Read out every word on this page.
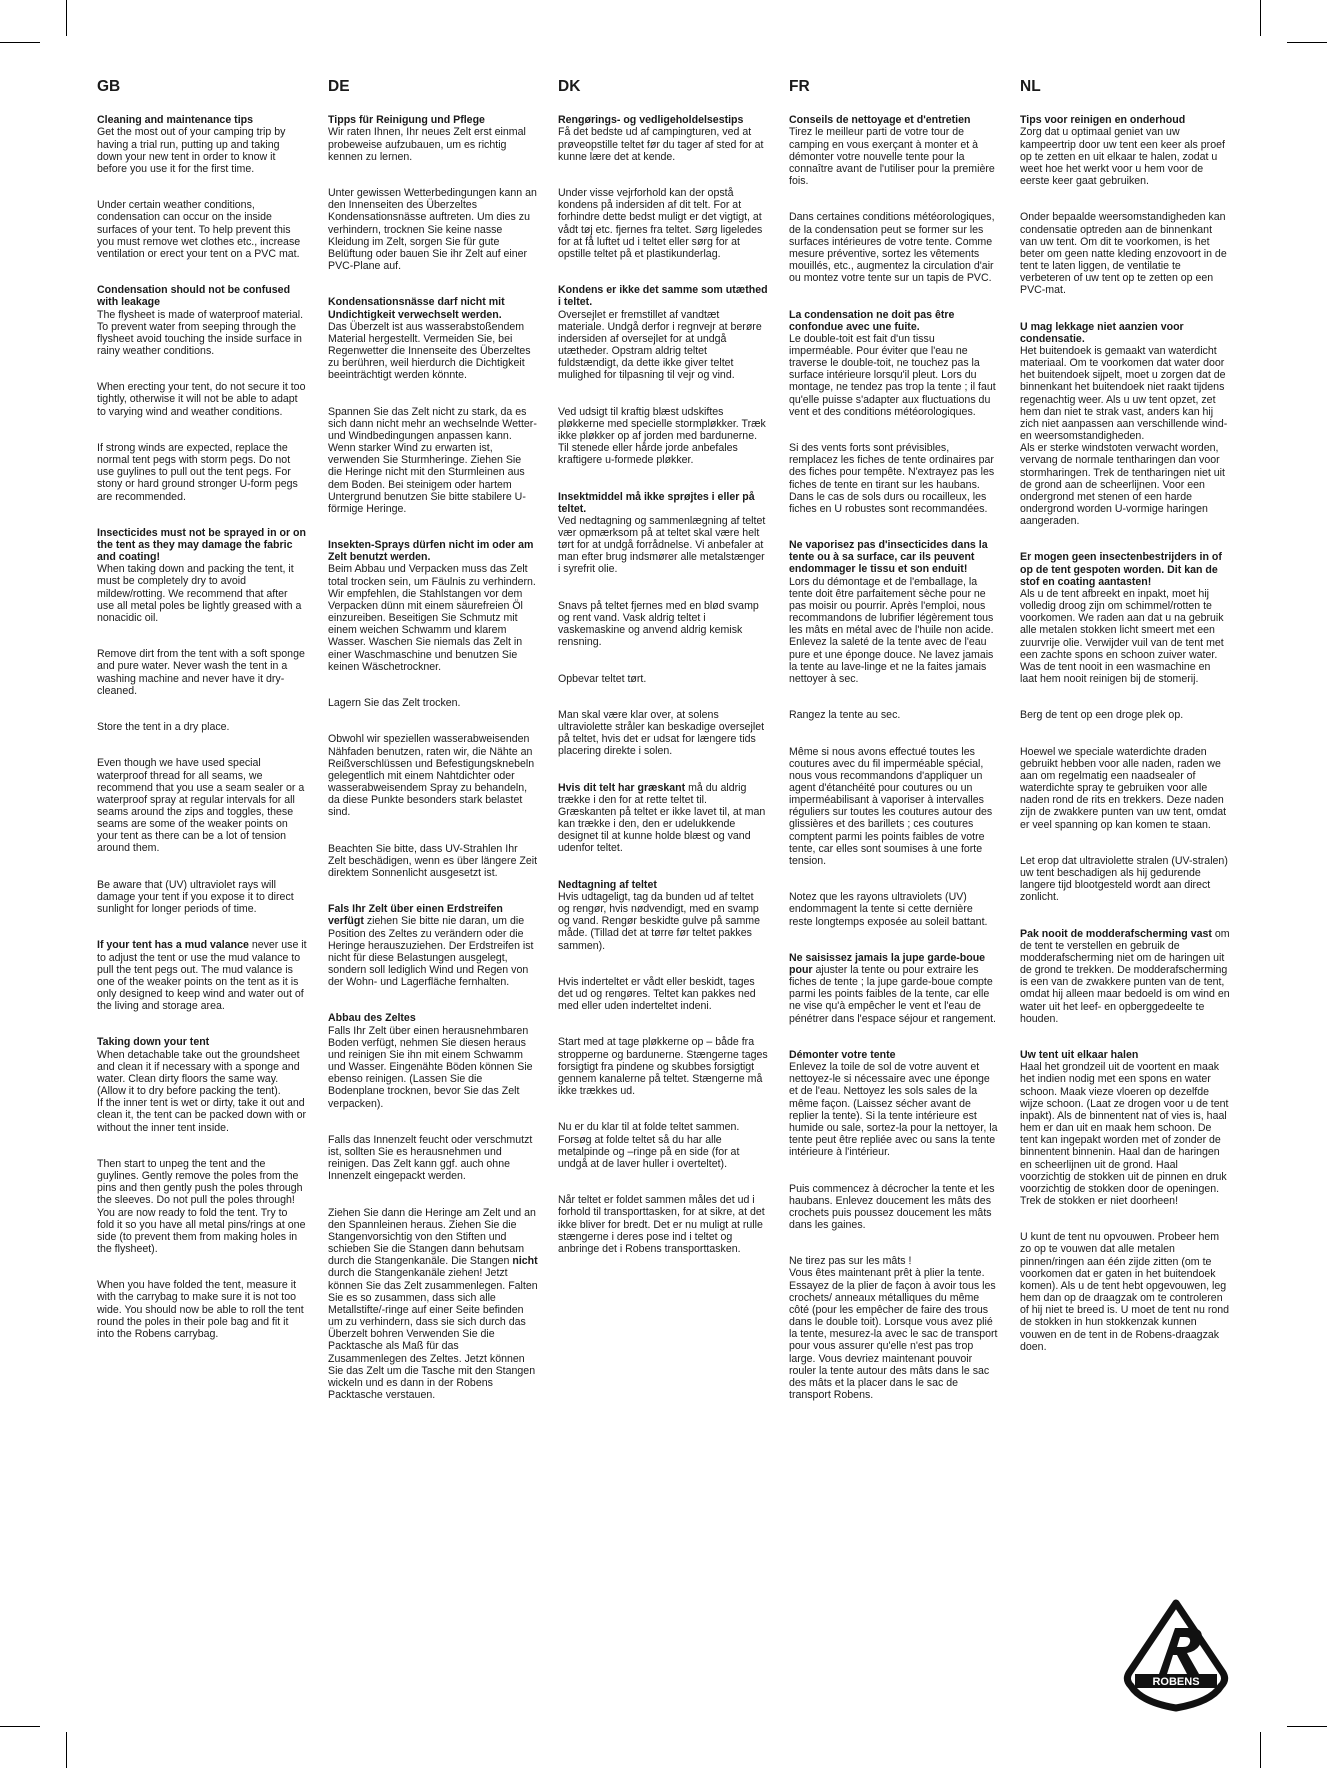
GB

Cleaning and maintenance tips
Get the most out of your camping trip by having a trial run, putting up and taking down your new tent in order to know it before you use it for the first time.

Under certain weather conditions, condensation can occur on the inside surfaces of your tent. To help prevent this you must remove wet clothes etc., increase ventilation or erect your tent on a PVC mat.

Condensation should not be confused with leakage
The flysheet is made of waterproof material. To prevent water from seeping through the flysheet avoid touching the inside surface in rainy weather conditions.

When erecting your tent, do not secure it too tightly, otherwise it will not be able to adapt to varying wind and weather conditions.

If strong winds are expected, replace the normal tent pegs with storm pegs. Do not use guylines to pull out the tent pegs. For stony or hard ground stronger U-form pegs are recommended.

Insecticides must not be sprayed in or on the tent as they may damage the fabric and coating!
When taking down and packing the tent, it must be completely dry to avoid mildew/rotting. We recommend that after use all metal poles be lightly greased with a nonacidic oil.

Remove dirt from the tent with a soft sponge and pure water. Never wash the tent in a washing machine and never have it dry-cleaned.

Store the tent in a dry place.

Even though we have used special waterproof thread for all seams, we recommend that you use a seam sealer or a waterproof spray at regular intervals for all seams around the zips and toggles, these seams are some of the weaker points on your tent as there can be a lot of tension around them.

Be aware that (UV) ultraviolet rays will damage your tent if you expose it to direct sunlight for longer periods of time.

If your tent has a mud valance never use it to adjust the tent or use the mud valance to pull the tent pegs out. The mud valance is one of the weaker points on the tent as it is only designed to keep wind and water out of the living and storage area.

Taking down your tent
When detachable take out the groundsheet and clean it if necessary with a sponge and water. Clean dirty floors the same way. (Allow it to dry before packing the tent).
If the inner tent is wet or dirty, take it out and clean it, the tent can be packed down with or without the inner tent inside.

Then start to unpeg the tent and the guylines. Gently remove the poles from the pins and then gently push the poles through the sleeves. Do not pull the poles through!
You are now ready to fold the tent. Try to fold it so you have all metal pins/rings at one side (to prevent them from making holes in the flysheet).

When you have folded the tent, measure it with the carrybag to make sure it is not too wide. You should now be able to roll the tent round the poles in their pole bag and fit it into the Robens carrybag.

DE

Tipps für Reinigung und Pflege
Wir raten Ihnen, Ihr neues Zelt erst einmal probeweise aufzubauen, um es richtig kennen zu lernen.

Unter gewissen Wetterbedingungen kann an den Innenseiten des Überzeltes Kondensationsnässe auftreten. Um dies zu verhindern, trocknen Sie keine nasse Kleidung im Zelt, sorgen Sie für gute Belüftung oder bauen Sie ihr Zelt auf einer PVC-Plane auf.

Kondensationsnässe darf nicht mit Undichtigkeit verwechselt werden.
Das Überzelt ist aus wasserabstoßendem Material hergestellt. Vermeiden Sie, bei Regenwetter die Innenseite des Überzeltes zu berühren, weil hierdurch die Dichtigkeit beeinträchtigt werden könnte.

Spannen Sie das Zelt nicht zu stark, da es sich dann nicht mehr an wechselnde Wetter- und Windbedingungen anpassen kann. Wenn starker Wind zu erwarten ist, verwenden Sie Sturmheringe. Ziehen Sie die Heringe nicht mit den Sturmleinen aus dem Boden. Bei steinigem oder hartem Untergrund benutzen Sie bitte stabilere U-förmige Heringe.

Insekten-Sprays dürfen nicht im oder am Zelt benutzt werden.
Beim Abbau und Verpacken muss das Zelt total trocken sein, um Fäulnis zu verhindern. Wir empfehlen, die Stahlstangen vor dem Verpacken dünn mit einem säurefreien Öl einzureiben. Beseitigen Sie Schmutz mit einem weichen Schwamm und klarem Wasser. Waschen Sie niemals das Zelt in einer Waschmaschine und benutzen Sie keinen Wäschetrockner.

Lagern Sie das Zelt trocken.

Obwohl wir speziellen wasserabweisenden Nähfaden benutzen, raten wir, die Nähte an Reißverschlüssen und Befestigungsknebeln gelegentlich mit einem Nahtdichter oder wasserabweisendem Spray zu behandeln, da diese Punkte besonders stark belastet sind.

Beachten Sie bitte, dass UV-Strahlen Ihr Zelt beschädigen, wenn es über längere Zeit direktem Sonnenlicht ausgesetzt ist.

Fals Ihr Zelt über einen Erdstreifen verfügt ziehen Sie bitte nie daran, um die Position des Zeltes zu verändern oder die Heringe herauszuziehen. Der Erdstreifen ist nicht für diese Belastungen ausgelegt, sondern soll lediglich Wind und Regen von der Wohn- und Lagerfläche fernhalten.

Abbau des Zeltes
Falls Ihr Zelt über einen herausnehmbaren Boden verfügt, nehmen Sie diesen heraus und reinigen Sie ihn mit einem Schwamm und Wasser. Eingenähte Böden können Sie ebenso reinigen. (Lassen Sie die Bodenplane trocknen, bevor Sie das Zelt verpacken).

Falls das Innenzelt feucht oder verschmutzt ist, sollten Sie es herausnehmen und reinigen. Das Zelt kann ggf. auch ohne Innenzelt eingepackt werden.

Ziehen Sie dann die Heringe am Zelt und an den Spannleinen heraus. Ziehen Sie die Stangenvorsichtig von den Stiften und schieben Sie die Stangen dann behutsam durch die Stangenkanäle. Die Stangen nicht durch die Stangenkanäle ziehen! Jetzt können Sie das Zelt zusammenlegen. Falten Sie es so zusammen, dass sich alle Metallstifte/-ringe auf einer Seite befinden um zu verhindern, dass sie sich durch das Überzelt bohren Verwenden Sie die Packtasche als Maß für das Zusammenlegen des Zeltes. Jetzt können Sie das Zelt um die Tasche mit den Stangen wickeln und es dann in der Robens Packtasche verstauen.

DK

Rengørings- og vedligeholdelsestips
Få det bedste ud af campingturen, ved at prøveopstille teltet før du tager af sted for at kunne lære det at kende.

Under visse vejrforhold kan der opstå kondens på indersiden af dit telt. For at forhindre dette bedst muligt er det vigtigt, at vådt tøj etc. fjernes fra teltet. Sørg ligeledes for at få luftet ud i teltet eller sørg for at opstille teltet på et plastikunderlag.

Kondens er ikke det samme som utæthed i teltet.
Oversejlet er fremstillet af vandtæt materiale. Undgå derfor i regnvejr at berøre indersiden af oversejlet for at undgå utætheder. Opstram aldrig teltet fuldstændigt, da dette ikke giver teltet mulighed for tilpasning til vejr og vind.

Ved udsigt til kraftig blæst udskiftes pløkkerne med specielle stormpløkker. Træk ikke pløkker op af jorden med bardunerne. Til stenede eller hårde jorde anbefales kraftigere u-formede pløkker.

Insektmiddel må ikke sprøjtes i eller på teltet.
Ved nedtagning og sammenlægning af teltet vær opmærksom på at teltet skal være helt tørt for at undgå forrådnelse. Vi anbefaler at man efter brug indsmører alle metalstænger i syrefrit olie.

Snavs på teltet fjernes med en blød svamp og rent vand. Vask aldrig teltet i vaskemaskine og anvend aldrig kemisk rensning.

Opbevar teltet tørt.

Man skal være klar over, at solens ultraviolette stråler kan beskadige oversejlet på teltet, hvis det er udsat for længere tids placering direkte i solen.

Hvis dit telt har græskant må du aldrig trække i den for at rette teltet til. Græskanten på teltet er ikke lavet til, at man kan trække i den, den er udelukkende designet til at kunne holde blæst og vand udenfor teltet.

Nedtagning af teltet
Hvis udtageligt, tag da bunden ud af teltet og rengør, hvis nødvendigt, med en svamp og vand. Rengør beskidte gulve på samme måde. (Tillad det at tørre før teltet pakkes sammen).

Hvis inderteltet er vådt eller beskidt, tages det ud og rengøres. Teltet kan pakkes ned med eller uden inderteltet indeni.

Start med at tage pløkkerne op – både fra stropperne og bardunerne. Stængerne tages forsigtigt fra pindene og skubbes forsigtigt gennem kanalerne på teltet. Stængerne må ikke trækkes ud.

Nu er du klar til at folde teltet sammen. Forsøg at folde teltet så du har alle metalpinde og –ringe på en side (for at undgå at de laver huller i overteltet).

Når teltet er foldet sammen måles det ud i forhold til transporttasken, for at sikre, at det ikke bliver for bredt. Det er nu muligt at rulle stængerne i deres pose ind i teltet og anbringe det i Robens transporttasken.

FR

Conseils de nettoyage et d'entretien
Tirez le meilleur parti de votre tour de camping en vous exerçant à monter et à démonter votre nouvelle tente pour la connaître avant de l'utiliser pour la première fois.

Dans certaines conditions météorologiques, de la condensation peut se former sur les surfaces intérieures de votre tente. Comme mesure préventive, sortez les vêtements mouillés, etc., augmentez la circulation d'air ou montez votre tente sur un tapis de PVC.

La condensation ne doit pas être confondue avec une fuite.
Le double-toit est fait d'un tissu imperméable. Pour éviter que l'eau ne traverse le double-toit, ne touchez pas la surface intérieure lorsqu'il pleut. Lors du montage, ne tendez pas trop la tente ; il faut qu'elle puisse s'adapter aux fluctuations du vent et des conditions météorologiques.

Si des vents forts sont prévisibles, remplacez les fiches de tente ordinaires par des fiches pour tempête. N'extrayez pas les fiches de tente en tirant sur les haubans. Dans le cas de sols durs ou rocailleux, les fiches en U robustes sont recommandées.

Ne vaporisez pas d'insecticides dans la tente ou à sa surface, car ils peuvent endommager le tissu et son enduit!
Lors du démontage et de l'emballage, la tente doit être parfaitement sèche pour ne pas moisir ou pourrir. Après l'emploi, nous recommandons de lubrifier légèrement tous les mâts en métal avec de l'huile non acide. Enlevez la saleté de la tente avec de l'eau pure et une éponge douce. Ne lavez jamais la tente au lave-linge et ne la faites jamais nettoyer à sec.

Rangez la tente au sec.

Même si nous avons effectué toutes les coutures avec du fil imperméable spécial, nous vous recommandons d'appliquer un agent d'étanchéité pour coutures ou un imperméabilisant à vaporiser à intervalles réguliers sur toutes les coutures autour des glissières et des barillets ; ces coutures comptent parmi les points faibles de votre tente, car elles sont soumises à une forte tension.

Notez que les rayons ultraviolets (UV) endommagent la tente si cette dernière reste longtemps exposée au soleil battant.

Ne saisissez jamais la jupe garde-boue pour ajuster la tente ou pour extraire les fiches de tente ; la jupe garde-boue compte parmi les points faibles de la tente, car elle ne vise qu'à empêcher le vent et l'eau de pénétrer dans l'espace séjour et rangement.

Démonter votre tente
Enlevez la toile de sol de votre auvent et nettoyez-le si nécessaire avec une éponge et de l'eau. Nettoyez les sols sales de la même façon. (Laissez sécher avant de replier la tente). Si la tente intérieure est humide ou sale, sortez-la pour la nettoyer, la tente peut être repliée avec ou sans la tente intérieure à l'intérieur.

Puis commencez à décrocher la tente et les haubans. Enlevez doucement les mâts des crochets puis poussez doucement les mâts dans les gaines.

Ne tirez pas sur les mâts !
Vous êtes maintenant prêt à plier la tente. Essayez de la plier de façon à avoir tous les crochets/ anneaux métalliques du même côté (pour les empêcher de faire des trous dans le double toit). Lorsque vous avez plié la tente, mesurez-la avec le sac de transport pour vous assurer qu'elle n'est pas trop large. Vous devriez maintenant pouvoir rouler la tente autour des mâts dans le sac des mâts et la placer dans le sac de transport Robens.

NL

Tips voor reinigen en onderhoud
Zorg dat u optimaal geniet van uw kampeertrip door uw tent een keer als proef op te zetten en uit elkaar te halen, zodat u weet hoe het werkt voor u hem voor de eerste keer gaat gebruiken.

Onder bepaalde weersomstandigheden kan condensatie optreden aan de binnenkant van uw tent. Om dit te voorkomen, is het beter om geen natte kleding enzovoort in de tent te laten liggen, de ventilatie te verbeteren of uw tent op te zetten op een PVC-mat.

U mag lekkage niet aanzien voor condensatie.
Het buitendoek is gemaakt van waterdicht materiaal. Om te voorkomen dat water door het buitendoek sijpelt, moet u zorgen dat de binnenkant het buitendoek niet raakt tijdens regenachtig weer. Als u uw tent opzet, zet hem dan niet te strak vast, anders kan hij zich niet aanpassen aan verschillende wind- en weersomstandigheden.
Als er sterke windstoten verwacht worden, vervang de normale tentharingen dan voor stormharingen. Trek de tentharingen niet uit de grond aan de scheerlijnen. Voor een ondergrond met stenen of een harde ondergrond worden U-vormige haringen aangeraden.

Er mogen geen insectenbestrijders in of op de tent gespoten worden. Dit kan de stof en coating aantasten!
Als u de tent afbreekt en inpakt, moet hij volledig droog zijn om schimmel/rotten te voorkomen. We raden aan dat u na gebruik alle metalen stokken licht smeert met een zuurvrije olie. Verwijder vuil van de tent met een zachte spons en schoon zuiver water. Was de tent nooit in een wasmachine en laat hem nooit reinigen bij de stomerij.

Berg de tent op een droge plek op.

Hoewel we speciale waterdichte draden gebruikt hebben voor alle naden, raden we aan om regelmatig een naadsealer of waterdichte spray te gebruiken voor alle naden rond de rits en trekkers. Deze naden zijn de zwakkere punten van uw tent, omdat er veel spanning op kan komen te staan.

Let erop dat ultraviolette stralen (UV-stralen) uw tent beschadigen als hij gedurende langere tijd blootgesteld wordt aan direct zonlicht.

Pak nooit de modderafscherming vast om de tent te verstellen en gebruik de modderafscherming niet om de haringen uit de grond te trekken. De modderafscherming is een van de zwakkere punten van de tent, omdat hij alleen maar bedoeld is om wind en water uit het leef- en opberggedeelte te houden.

Uw tent uit elkaar halen
Haal het grondzeil uit de voortent en maak het indien nodig met een spons en water schoon. Maak vieze vloeren op dezelfde wijze schoon. (Laat ze drogen voor u de tent inpakt). Als de binnentent nat of vies is, haal hem er dan uit en maak hem schoon. De tent kan ingepakt worden met of zonder de binnentent binnenin. Haal dan de haringen en scheerlijnen uit de grond. Haal voorzichtig de stokken uit de pinnen en druk voorzichtig de stokken door de openingen. Trek de stokken er niet doorheen!

U kunt de tent nu opvouwen. Probeer hem zo op te vouwen dat alle metalen pinnen/ringen aan één zijde zitten (om te voorkomen dat er gaten in het buitendoek komen). Als u de tent hebt opgevouwen, leg hem dan op de draagzak om te controleren of hij niet te breed is. U moet de tent nu rond de stokken in hun stokkenzak kunnen vouwen en de tent in de Robens-draagzak doen.

ROBENS
